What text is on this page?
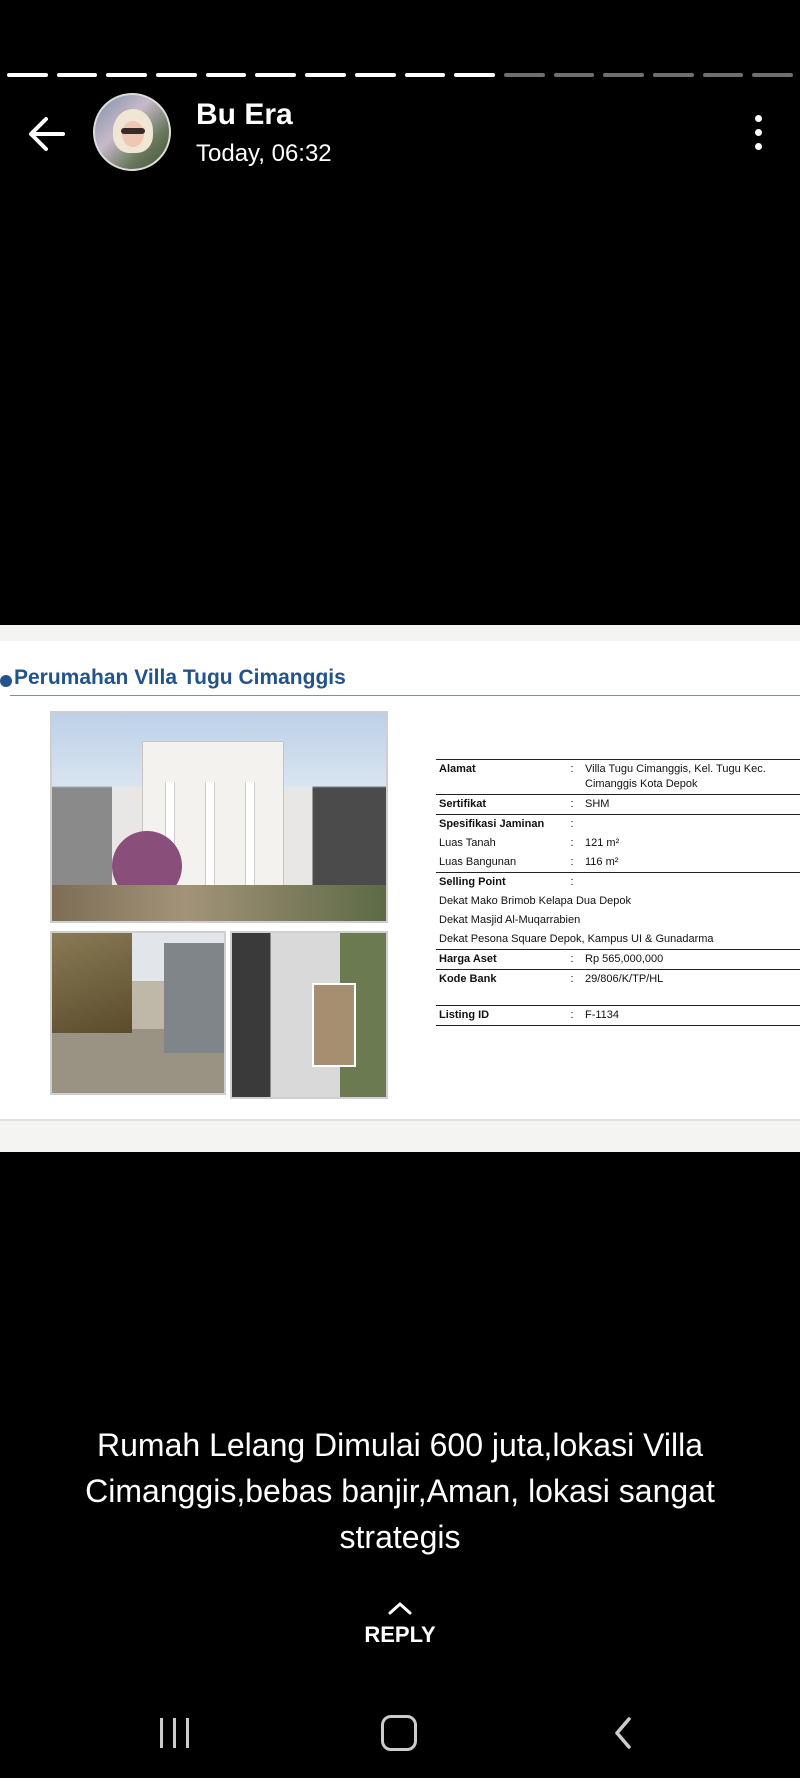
Bu Era
Today, 06:32
Perumahan Villa Tugu Cimanggis
Alamat	:	Villa Tugu Cimanggis, Kel. Tugu Kec. Cimanggis Kota Depok
Sertifikat	:	SHM
Spesifikasi Jaminan	:	
Luas Tanah	:	121 m²
Luas Bangunan	:	116 m²
Selling Point	:	
Dekat Mako Brimob Kelapa Dua Depok		
Dekat Masjid Al-Muqarrabien		
Dekat Pesona Square Depok, Kampus UI & Gunadarma		
Harga Aset	:	Rp 565,000,000
Kode Bank	:	29/806/K/TP/HL
Listing ID	:	F-1134
Rumah Lelang Dimulai 600 juta,lokasi Villa Cimanggis,bebas banjir,Aman, lokasi sangat strategis
REPLY
